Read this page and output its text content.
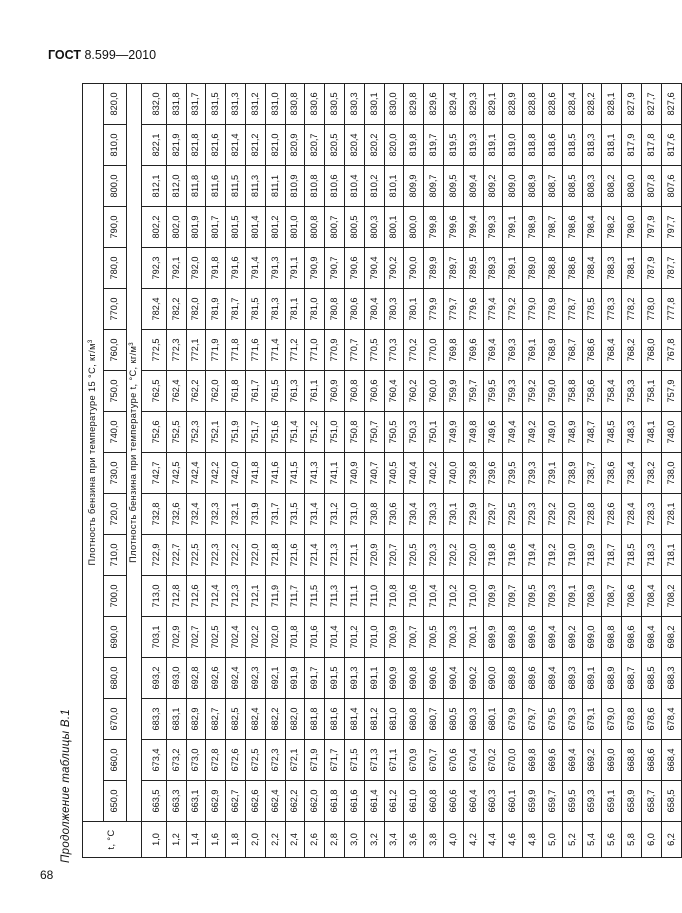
ГОСТ 8.599—2010
68
Продолжение таблицы В.1	t, °С	Плотность бензина при температуре 15 °С, $кг/м^3$
	650,0	660,0	670,0	680,0	690,0	700,0	710,0	720,0	730,0	740,0	750,0	760,0	770,0	780,0	790,0	800,0	810,0	820,0
	Плотность бензина при температуре t, °С, $кг/м^3$
1,0	663,5	673,4	683,3	693,2	703,1	713,0	722,9	732,8	742,7	752,6	762,5	772,5	782,4	792,3	802,2	812,1	822,1	832,0
1,2	663,3	673,2	683,1	693,0	702,9	712,8	722,7	732,6	742,5	752,5	762,4	772,3	782,2	792,1	802,0	812,0	821,9	831,8
1,4	663,1	673,0	682,9	692,8	702,7	712,6	722,5	732,4	742,4	752,3	762,2	772,1	782,0	792,0	801,9	811,8	821,8	831,7
1,6	662,9	672,8	682,7	692,6	702,5	712,4	722,3	732,3	742,2	752,1	762,0	771,9	781,9	791,8	801,7	811,6	821,6	831,5
1,8	662,7	672,6	682,5	692,4	702,4	712,3	722,2	732,1	742,0	751,9	761,8	771,8	781,7	791,6	801,5	811,5	821,4	831,3
2,0	662,6	672,5	682,4	692,3	702,2	712,1	722,0	731,9	741,8	751,7	761,7	771,6	781,5	791,4	801,4	811,3	821,2	831,2
2,2	662,4	672,3	682,2	692,1	702,0	711,9	721,8	731,7	741,6	751,6	761,5	771,4	781,3	791,3	801,2	811,1	821,0	831,0
2,4	662,2	672,1	682,0	691,9	701,8	711,7	721,6	731,5	741,5	751,4	761,3	771,2	781,1	791,1	801,0	810,9	820,9	830,8
2,6	662,0	671,9	681,8	691,7	701,6	711,5	721,4	731,4	741,3	751,2	761,1	771,0	781,0	790,9	800,8	810,8	820,7	830,6
2,8	661,8	671,7	681,6	691,5	701,4	711,3	721,3	731,2	741,1	751,0	760,9	770,9	780,8	790,7	800,7	810,6	820,5	830,5
3,0	661,6	671,5	681,4	691,3	701,2	711,1	721,1	731,0	740,9	750,8	760,8	770,7	780,6	790,6	800,5	810,4	820,4	830,3
3,2	661,4	671,3	681,2	691,1	701,0	711,0	720,9	730,8	740,7	750,7	760,6	770,5	780,4	790,4	800,3	810,2	820,2	830,1
3,4	661,2	671,1	681,0	690,9	700,9	710,8	720,7	730,6	740,5	750,5	760,4	770,3	780,3	790,2	800,1	810,1	820,0	830,0
3,6	661,0	670,9	680,8	690,8	700,7	710,6	720,5	730,4	740,4	750,3	760,2	770,2	780,1	790,0	800,0	809,9	819,8	829,8
3,8	660,8	670,7	680,7	690,6	700,5	710,4	720,3	730,3	740,2	750,1	760,0	770,0	779,9	789,9	799,8	809,7	819,7	829,6
4,0	660,6	670,6	680,5	690,4	700,3	710,2	720,2	730,1	740,0	749,9	759,9	769,8	779,7	789,7	799,6	809,5	819,5	829,4
4,2	660,4	670,4	680,3	690,2	700,1	710,0	720,0	729,9	739,8	749,8	759,7	769,6	779,6	789,5	799,4	809,4	819,3	829,3
4,4	660,3	670,2	680,1	690,0	699,9	709,9	719,8	729,7	739,6	749,6	759,5	769,4	779,4	789,3	799,3	809,2	819,1	829,1
4,6	660,1	670,0	679,9	689,8	699,8	709,7	719,6	729,5	739,5	749,4	759,3	769,3	779,2	789,1	799,1	809,0	819,0	828,9
4,8	659,9	669,8	679,7	689,6	699,6	709,5	719,4	729,3	739,3	749,2	759,2	769,1	779,0	789,0	798,9	808,9	818,8	828,8
5,0	659,7	669,6	679,5	689,4	699,4	709,3	719,2	729,2	739,1	749,0	759,0	768,9	778,9	788,8	798,7	808,7	818,6	828,6
5,2	659,5	669,4	679,3	689,3	699,2	709,1	719,0	729,0	738,9	748,9	758,8	768,7	778,7	788,6	798,6	808,5	818,5	828,4
5,4	659,3	669,2	679,1	689,1	699,0	708,9	718,9	728,8	738,7	748,7	758,6	768,6	778,5	788,4	798,4	808,3	818,3	828,2
5,6	659,1	669,0	679,0	688,9	698,8	708,7	718,7	728,6	738,6	748,5	758,4	768,4	778,3	788,3	798,2	808,2	818,1	828,1
5,8	658,9	668,8	678,8	688,7	698,6	708,6	718,5	728,4	738,4	748,3	758,3	768,2	778,2	788,1	798,0	808,0	817,9	827,9
6,0	658,7	668,6	678,6	688,5	698,4	708,4	718,3	728,3	738,2	748,1	758,1	768,0	778,0	787,9	797,9	807,8	817,8	827,7
6,2	658,5	668,4	678,4	688,3	698,2	708,2	718,1	728,1	738,0	748,0	757,9	767,8	777,8	787,7	797,7	807,6	817,6	827,6
